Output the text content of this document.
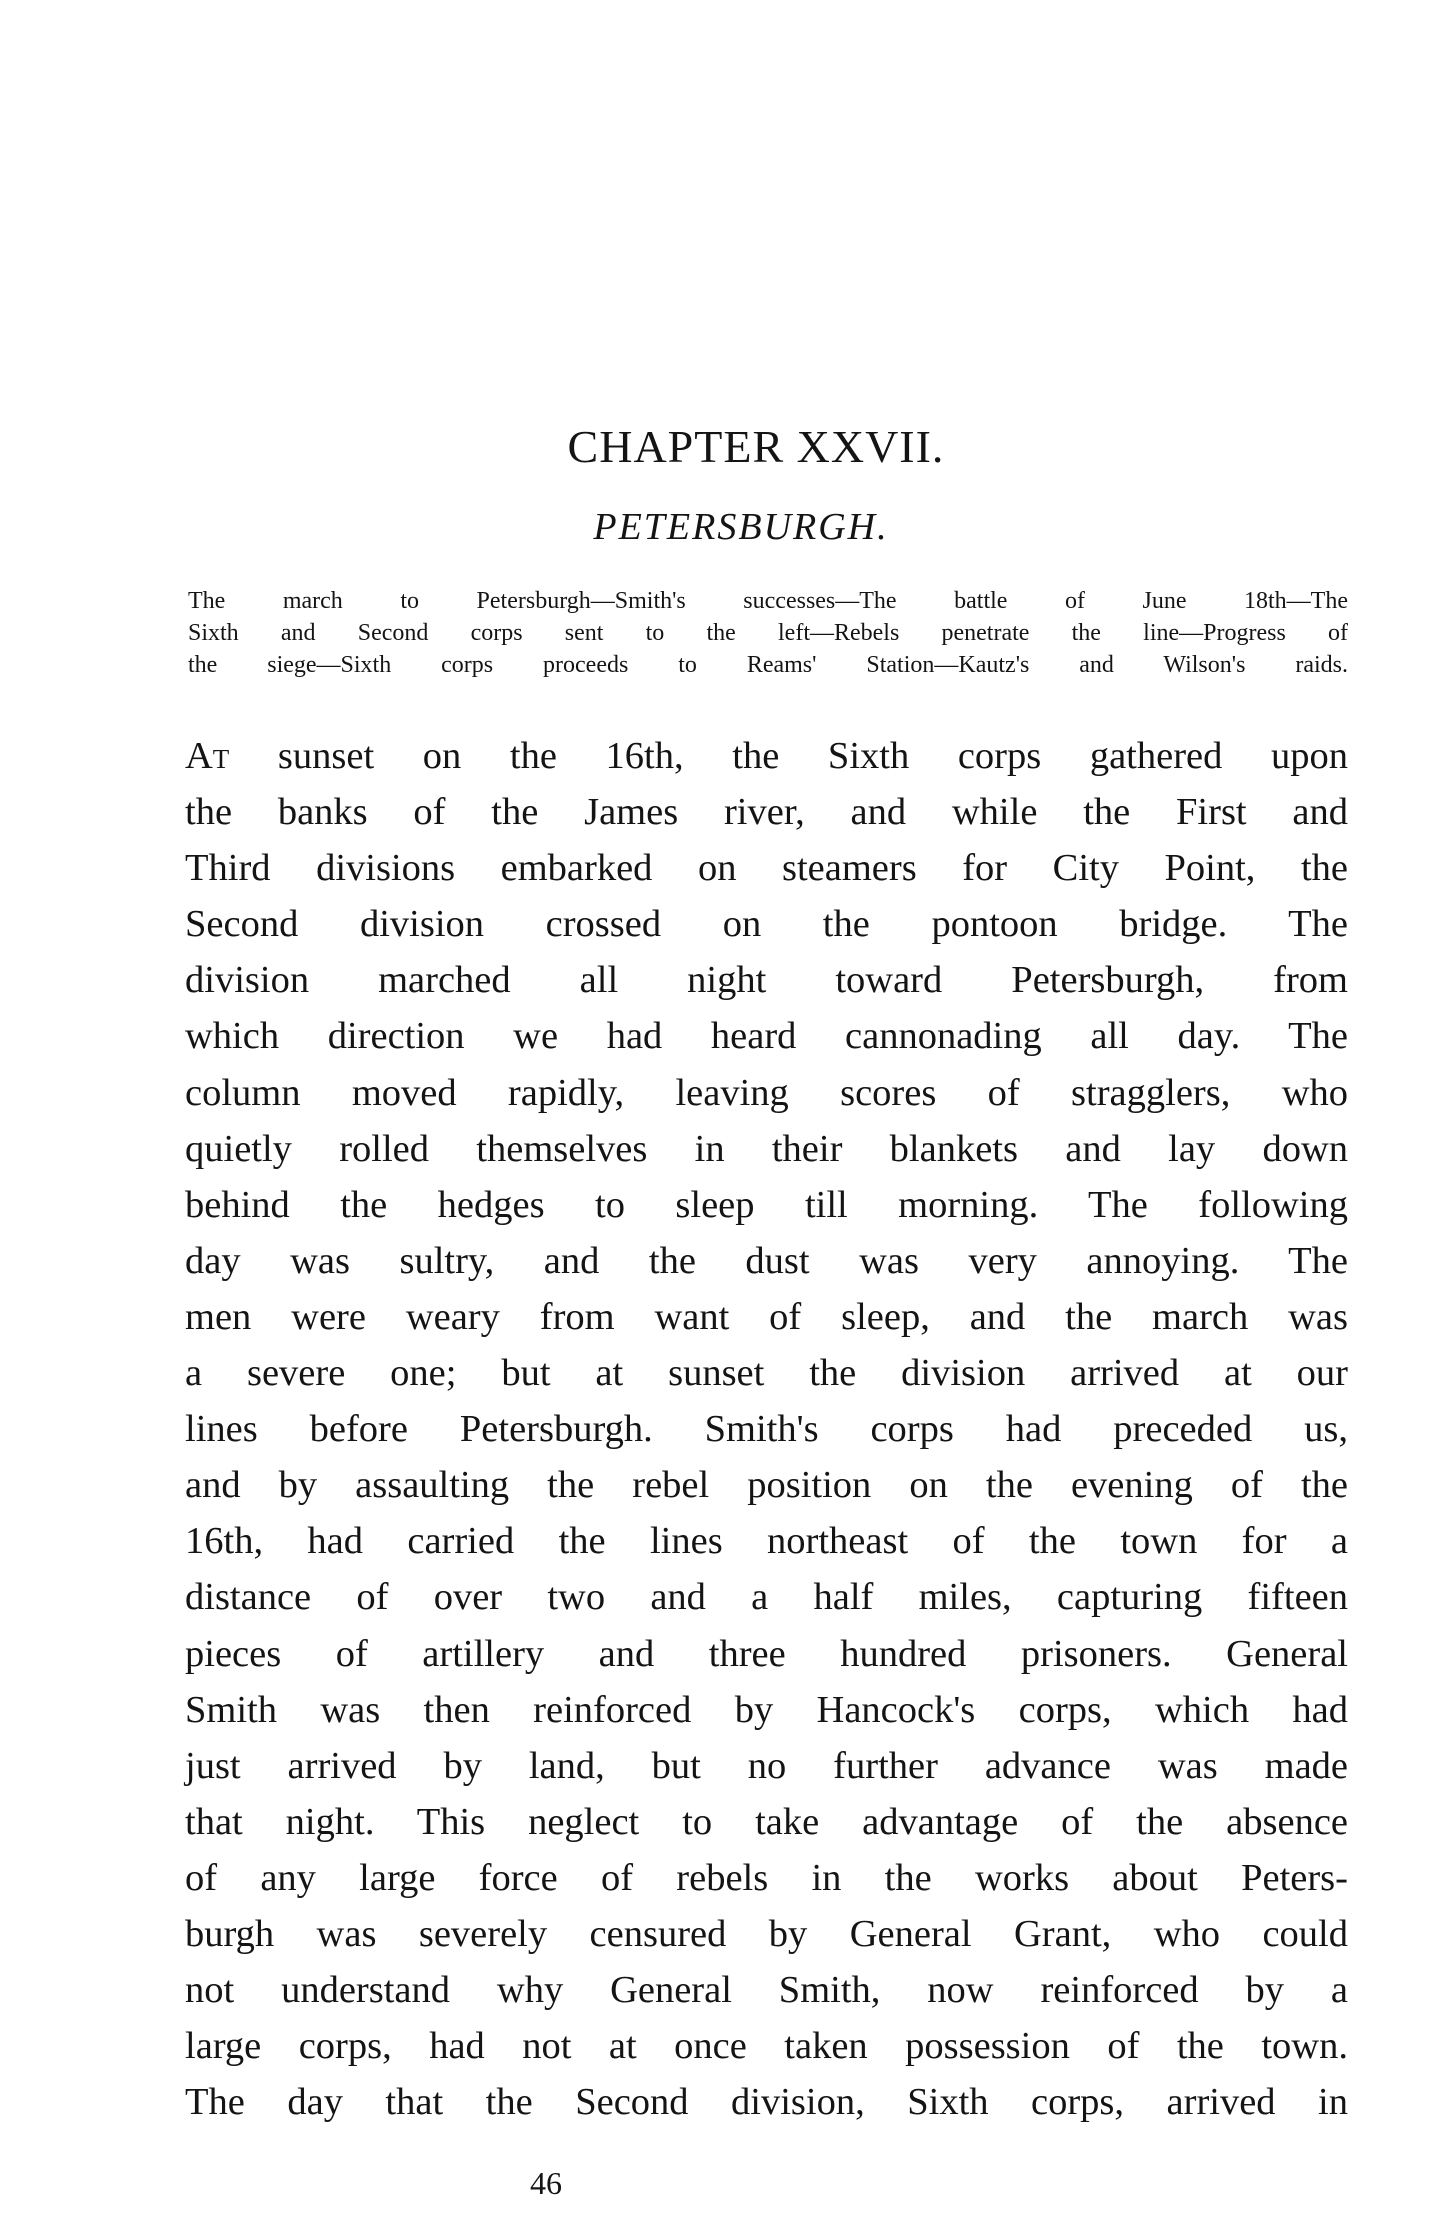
CHAPTER XXVII.
PETERSBURGH.
The march to Petersburgh—Smith's successes—The battle of June 18th—The
Sixth and Second corps sent to the left—Rebels penetrate the line—Progress of
the siege—Sixth corps proceeds to Reams' Station—Kautz's and Wilson's raids.
At sunset on the 16th, the Sixth corps gathered upon
the banks of the James river, and while the First and
Third divisions embarked on steamers for City Point, the
Second division crossed on the pontoon bridge. The
division marched all night toward Petersburgh, from
which direction we had heard cannonading all day. The
column moved rapidly, leaving scores of stragglers, who
quietly rolled themselves in their blankets and lay down
behind the hedges to sleep till morning. The following
day was sultry, and the dust was very annoying. The
men were weary from want of sleep, and the march was
a severe one; but at sunset the division arrived at our
lines before Petersburgh. Smith's corps had preceded us,
and by assaulting the rebel position on the evening of the
16th, had carried the lines northeast of the town for a
distance of over two and a half miles, capturing fifteen
pieces of artillery and three hundred prisoners. General
Smith was then reinforced by Hancock's corps, which had
just arrived by land, but no further advance was made
that night. This neglect to take advantage of the absence
of any large force of rebels in the works about Peters-
burgh was severely censured by General Grant, who could
not understand why General Smith, now reinforced by a
large corps, had not at once taken possession of the town.
The day that the Second division, Sixth corps, arrived in
46
